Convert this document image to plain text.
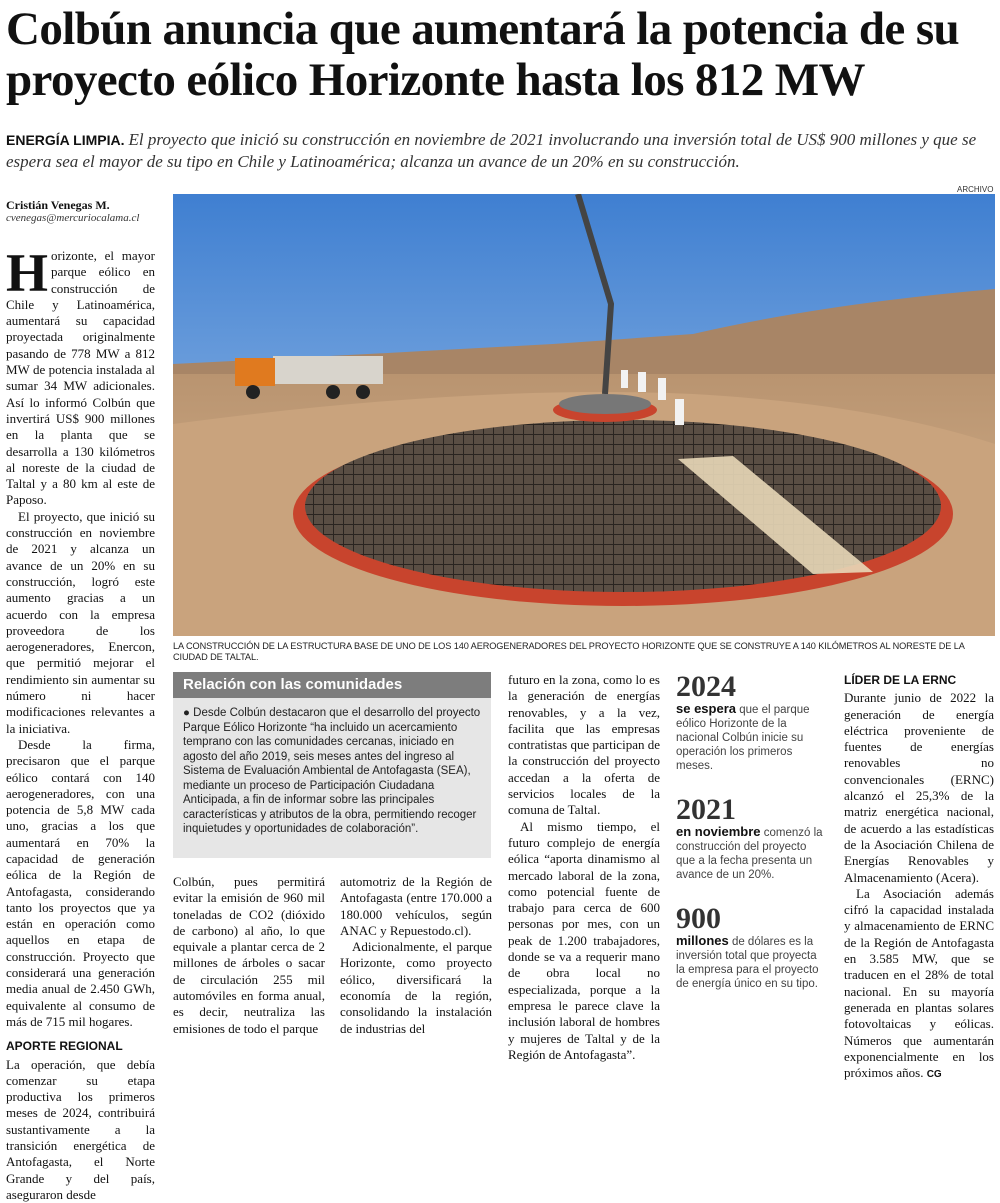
Colbún anuncia que aumentará la potencia de su proyecto eólico Horizonte hasta los 812 MW
ENERGÍA LIMPIA. El proyecto que inició su construcción en noviembre de 2021 involucrando una inversión total de US$ 900 millones y que se espera sea el mayor de su tipo en Chile y Latinoamérica; alcanza un avance de un 20% en su construcción.
ARCHIVO
Cristián Venegas M.
cvenegas@mercuriocalama.cl

Horizonte, el mayor parque eólico en construcción de Chile y Latinoamérica, aumentará su capacidad proyectada originalmente pasando de 778 MW a 812 MW de potencia instalada al sumar 34 MW adicionales. Así lo informó Colbún que invertirá US$ 900 millones en la planta que se desarrolla a 130 kilómetros al noreste de la ciudad de Taltal y a 80 km al este de Paposo.

El proyecto, que inició su construcción en noviembre de 2021 y alcanza un avance de un 20% en su construcción, logró este aumento gracias a un acuerdo con la empresa proveedora de los aerogeneradores, Enercon, que permitió mejorar el rendimiento sin aumentar su número ni hacer modificaciones relevantes a la iniciativa.

Desde la firma, precisaron que el parque eólico contará con 140 aerogeneradores, con una potencia de 5,8 MW cada uno, gracias a los que aumentará en 70% la capacidad de generación eólica de la Región de Antofagasta, considerando tanto los proyectos que ya están en operación como aquellos en etapa de construcción. Proyecto que considerará una generación media anual de 2.450 GWh, equivalente al consumo de más de 715 mil hogares.

APORTE REGIONAL

La operación, que debía comenzar su etapa productiva los primeros meses de 2024, contribuirá sustantivamente a la transición energética de Antofagasta, el Norte Grande y del país, aseguraron desde

LA CONSTRUCCIÓN DE LA ESTRUCTURA BASE DE UNO DE LOS 140 AEROGENERADORES DEL PROYECTO HORIZONTE QUE SE CONSTRUYE A 140 KILÓMETROS AL NORESTE DE LA CIUDAD DE TALTAL.
Relación con las comunidades
● Desde Colbún destacaron que el desarrollo del proyecto Parque Eólico Horizonte “ha incluido un acercamiento temprano con las comunidades cercanas, iniciado en agosto del año 2019, seis meses antes del ingreso al Sistema de Evaluación Ambiental de Antofagasta (SEA), mediante un proceso de Participación Ciudadana Anticipada, a fin de informar sobre las principales características y atributos de la obra, permitiendo recoger inquietudes y oportunidades de colaboración”.

Colbún, pues permitirá evitar la emisión de 960 mil toneladas de CO2 (dióxido de carbono) al año, lo que equivale a plantar cerca de 2 millones de árboles o sacar de circulación 255 mil automóviles en forma anual, es decir, neutraliza las emisiones de todo el parque

automotriz de la Región de Antofagasta (entre 170.000 a 180.000 vehículos, según ANAC y Repuestodo.cl).

Adicionalmente, el parque Horizonte, como proyecto eólico, diversificará la economía de la región, consolidando la instalación de industrias del

futuro en la zona, como lo es la generación de energías renovables, y a la vez, facilita que las empresas contratistas que participan de la construcción del proyecto accedan a la oferta de servicios locales de la comuna de Taltal.

Al mismo tiempo, el futuro complejo de energía eólica “aporta dinamismo al mercado laboral de la zona, como potencial fuente de trabajo para cerca de 600 personas por mes, con un peak de 1.200 trabajadores, donde se va a requerir mano de obra local no especializada, porque a la empresa le parece clave la inclusión laboral de hombres y mujeres de Taltal y de la Región de Antofagasta”.

2024
se espera que el parque eólico Horizonte de la nacional Colbún inicie su operación los primeros meses.
2021
en noviembre comenzó la construcción del proyecto que a la fecha presenta un avance de un 20%.
900
millones de dólares es la inversión total que proyecta la empresa para el proyecto de energía único en su tipo.
LÍDER DE LA ERNC

Durante junio de 2022 la generación de energía eléctrica proveniente de fuentes de energías renovables no convencionales (ERNC) alcanzó el 25,3% de la matriz energética nacional, de acuerdo a las estadísticas de la Asociación Chilena de Energías Renovables y Almacenamiento (Acera).

La Asociación además cifró la capacidad instalada y almacenamiento de ERNC de la Región de Antofagasta en 3.585 MW, que se traducen en el 28% de total nacional. En su mayoría generada en plantas solares fotovoltaicas y eólicas. Números que aumentarán exponencialmente en los próximos años. CG
